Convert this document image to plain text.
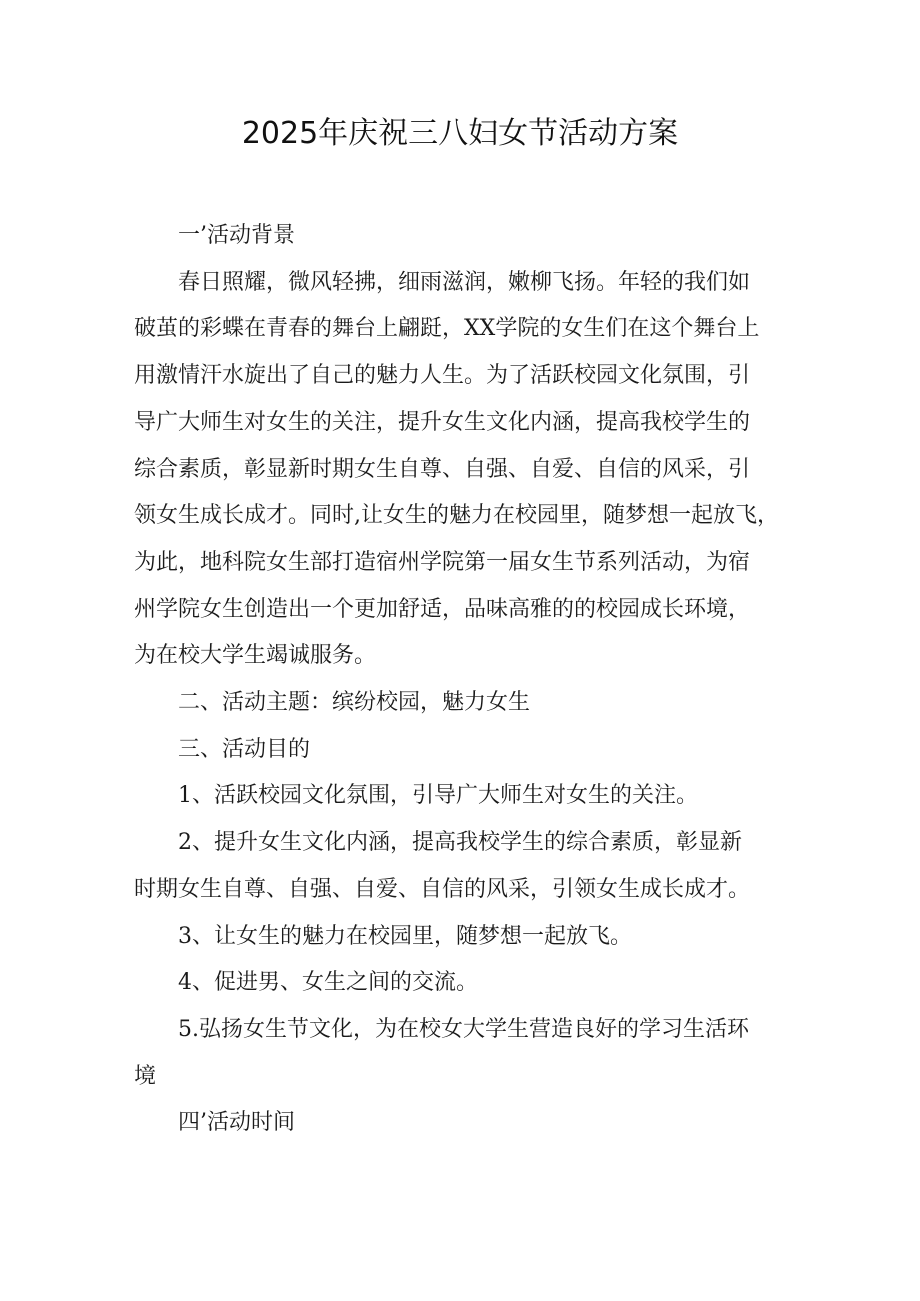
2025年庆祝三八妇女节活动方案

一’活动背景

春日照耀，微风轻拂，细雨滋润，嫩柳飞扬。年轻的我们如
破茧的彩蝶在青春的舞台上翩跹，XX学院的女生们在这个舞台上
用激情汗水旋出了自己的魅力人生。为了活跃校园文化氛围，引
导广大师生对女生的关注，提升女生文化内涵，提高我校学生的
综合素质，彰显新时期女生自尊、自强、自爱、自信的风采，引
领女生成长成才。同时,让女生的魅力在校园里，随梦想一起放飞，
为此，地科院女生部打造宿州学院第一届女生节系列活动，为宿
州学院女生创造出一个更加舒适，品味高雅的的校园成长环境，
为在校大学生竭诚服务。

二、活动主题：缤纷校园，魅力女生

三、活动目的

1、活跃校园文化氛围，引导广大师生对女生的关注。

2、提升女生文化内涵，提高我校学生的综合素质，彰显新
时期女生自尊、自强、自爱、自信的风采，引领女生成长成才。

3、让女生的魅力在校园里，随梦想一起放飞。

4、促进男、女生之间的交流。

5.弘扬女生节文化，为在校女大学生营造良好的学习生活环
境

四’活动时间
